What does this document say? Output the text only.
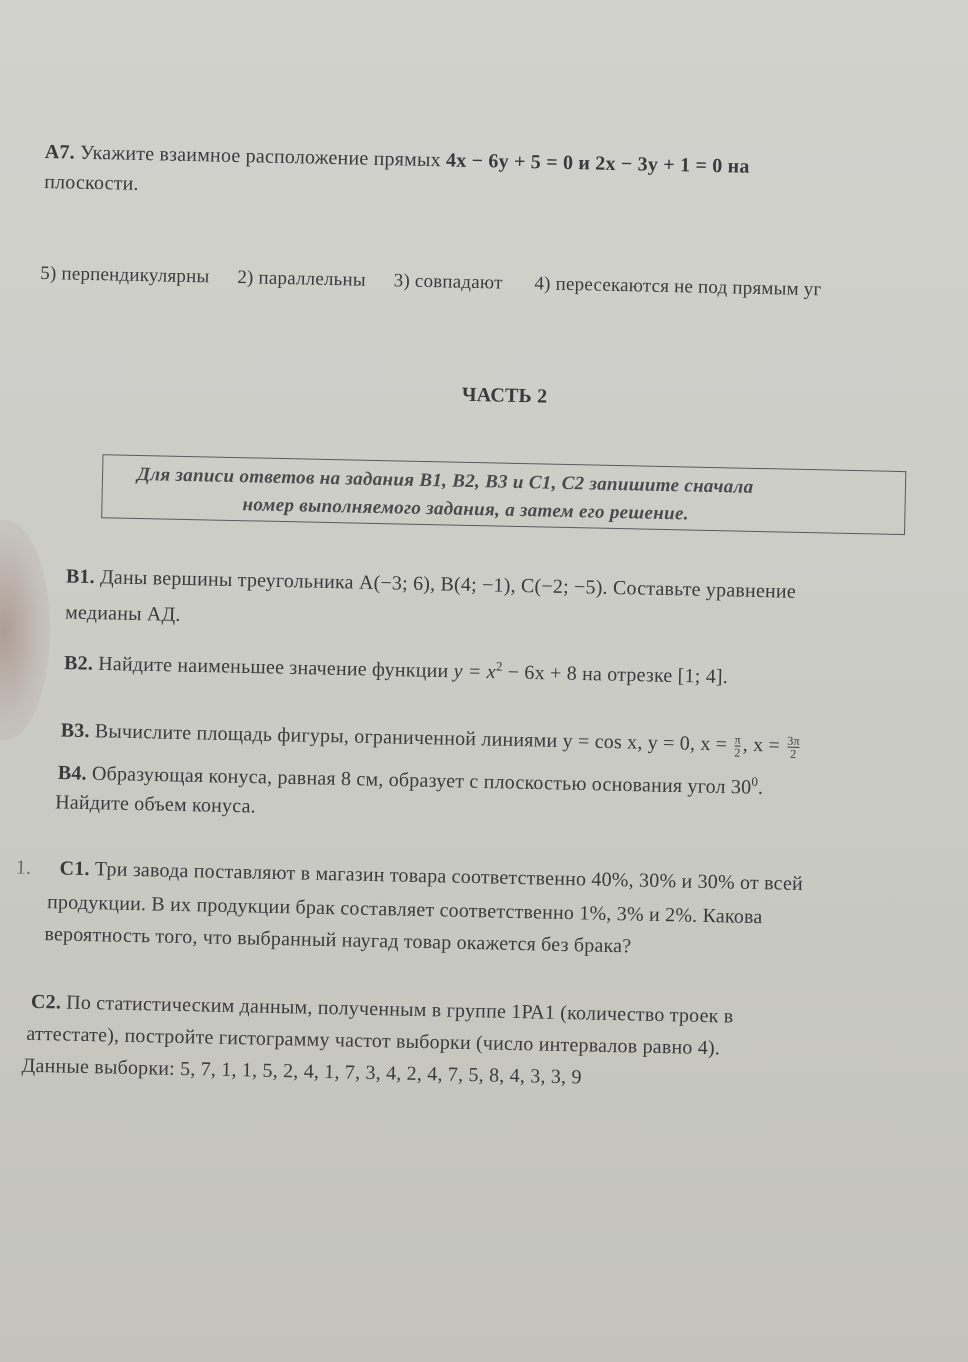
А7. Укажите взаимное расположение прямых 4x − 6y + 5 = 0 и 2x − 3y + 1 = 0 на
плоскости.
5) перпендикулярны 2) параллельны 3) совпадают 4) пересекаются не под прямым уг
ЧАСТЬ 2
Для записи ответов на задания В1, В2, В3 и С1, С2 запишите сначала
номер выполняемого задания, а затем его решение.
В1. Даны вершины треугольника A(−3; 6), B(4; −1), C(−2; −5). Составьте уравнение
медианы АД.
В2. Найдите наименьшее значение функции $y = x^2 - 6x + 8$ на отрезке [1; 4].
В3. Вычислите площадь фигуры, ограниченной линиями y = cos x, y = 0, $x = \frac{\pi}{2}$ , $x = \frac{3\pi}{2}$
В4. Образующая конуса, равная 8 см, образует с плоскостью основания угол $30^0$.
Найдите объем конуса.
1. С1. Три завода поставляют в магазин товара соответственно 40%, 30% и 30% от всей
продукции. В их продукции брак составляет соответственно 1%, 3% и 2%. Какова
вероятность того, что выбранный наугад товар окажется без брака?
С2. По статистическим данным, полученным в группе 1РА1 (количество троек в
аттестате), постройте гистограмму частот выборки (число интервалов равно 4).
Данные выборки: 5, 7, 1, 1, 5, 2, 4, 1, 7, 3, 4, 2, 4, 7, 5, 8, 4, 3, 3, 9
